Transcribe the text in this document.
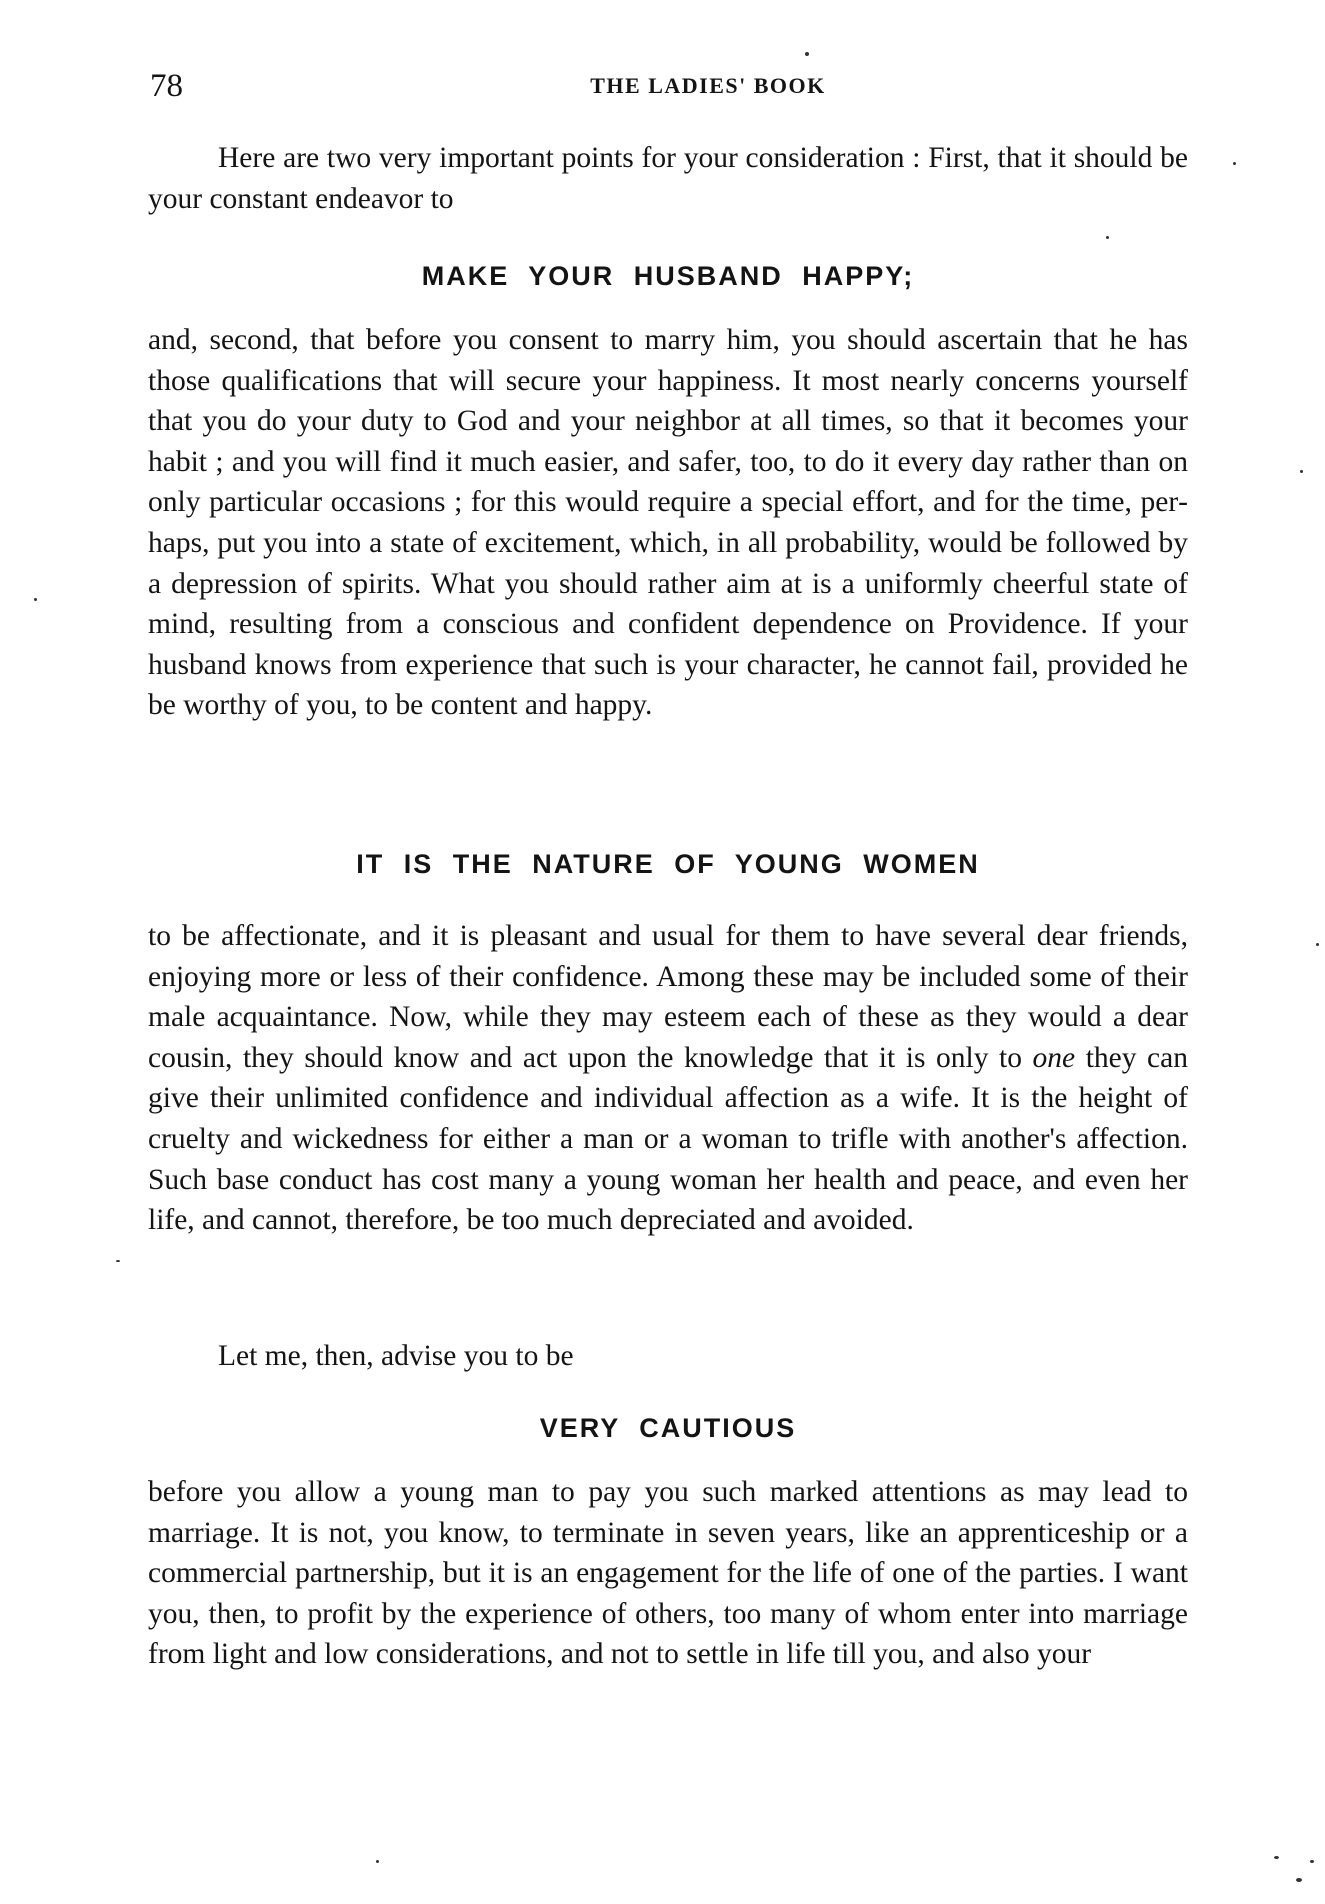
78	THE LADIES' BOOK

Here are two very important points for your consideration : First, that it should be your constant endeavor to

MAKE YOUR HUSBAND HAPPY;

and, second, that before you consent to marry him, you should ascertain that he has those qualifications that will secure your happiness. It most nearly concerns yourself that you do your duty to God and your neighbor at all times, so that it becomes your habit ; and you will find it much easier, and safer, too, to do it every day rather than on only particular occasions ; for this would require a special effort, and for the time, perhaps, put you into a state of excitement, which, in all probability, would be followed by a depression of spirits. What you should rather aim at is a uniformly cheerful state of mind, resulting from a conscious and confident dependence on Providence. If your husband knows from experience that such is your character, he cannot fail, provided he be worthy of you, to be content and happy.

IT IS THE NATURE OF YOUNG WOMEN

to be affectionate, and it is pleasant and usual for them to have several dear friends, enjoying more or less of their confidence. Among these may be included some of their male acquaintance. Now, while they may esteem each of these as they would a dear cousin, they should know and act upon the knowledge that it is only to one they can give their unlimited confidence and individual affection as a wife. It is the height of cruelty and wickedness for either a man or a woman to trifle with another's affection. Such base conduct has cost many a young woman her health and peace, and even her life, and cannot, therefore, be too much depreciated and avoided.

Let me, then, advise you to be

VERY CAUTIOUS

before you allow a young man to pay you such marked attentions as may lead to marriage. It is not, you know, to terminate in seven years, like an apprenticeship or a commercial partnership, but it is an engagement for the life of one of the parties. I want you, then, to profit by the experience of others, too many of whom enter into marriage from light and low considerations, and not to settle in life till you, and also your
